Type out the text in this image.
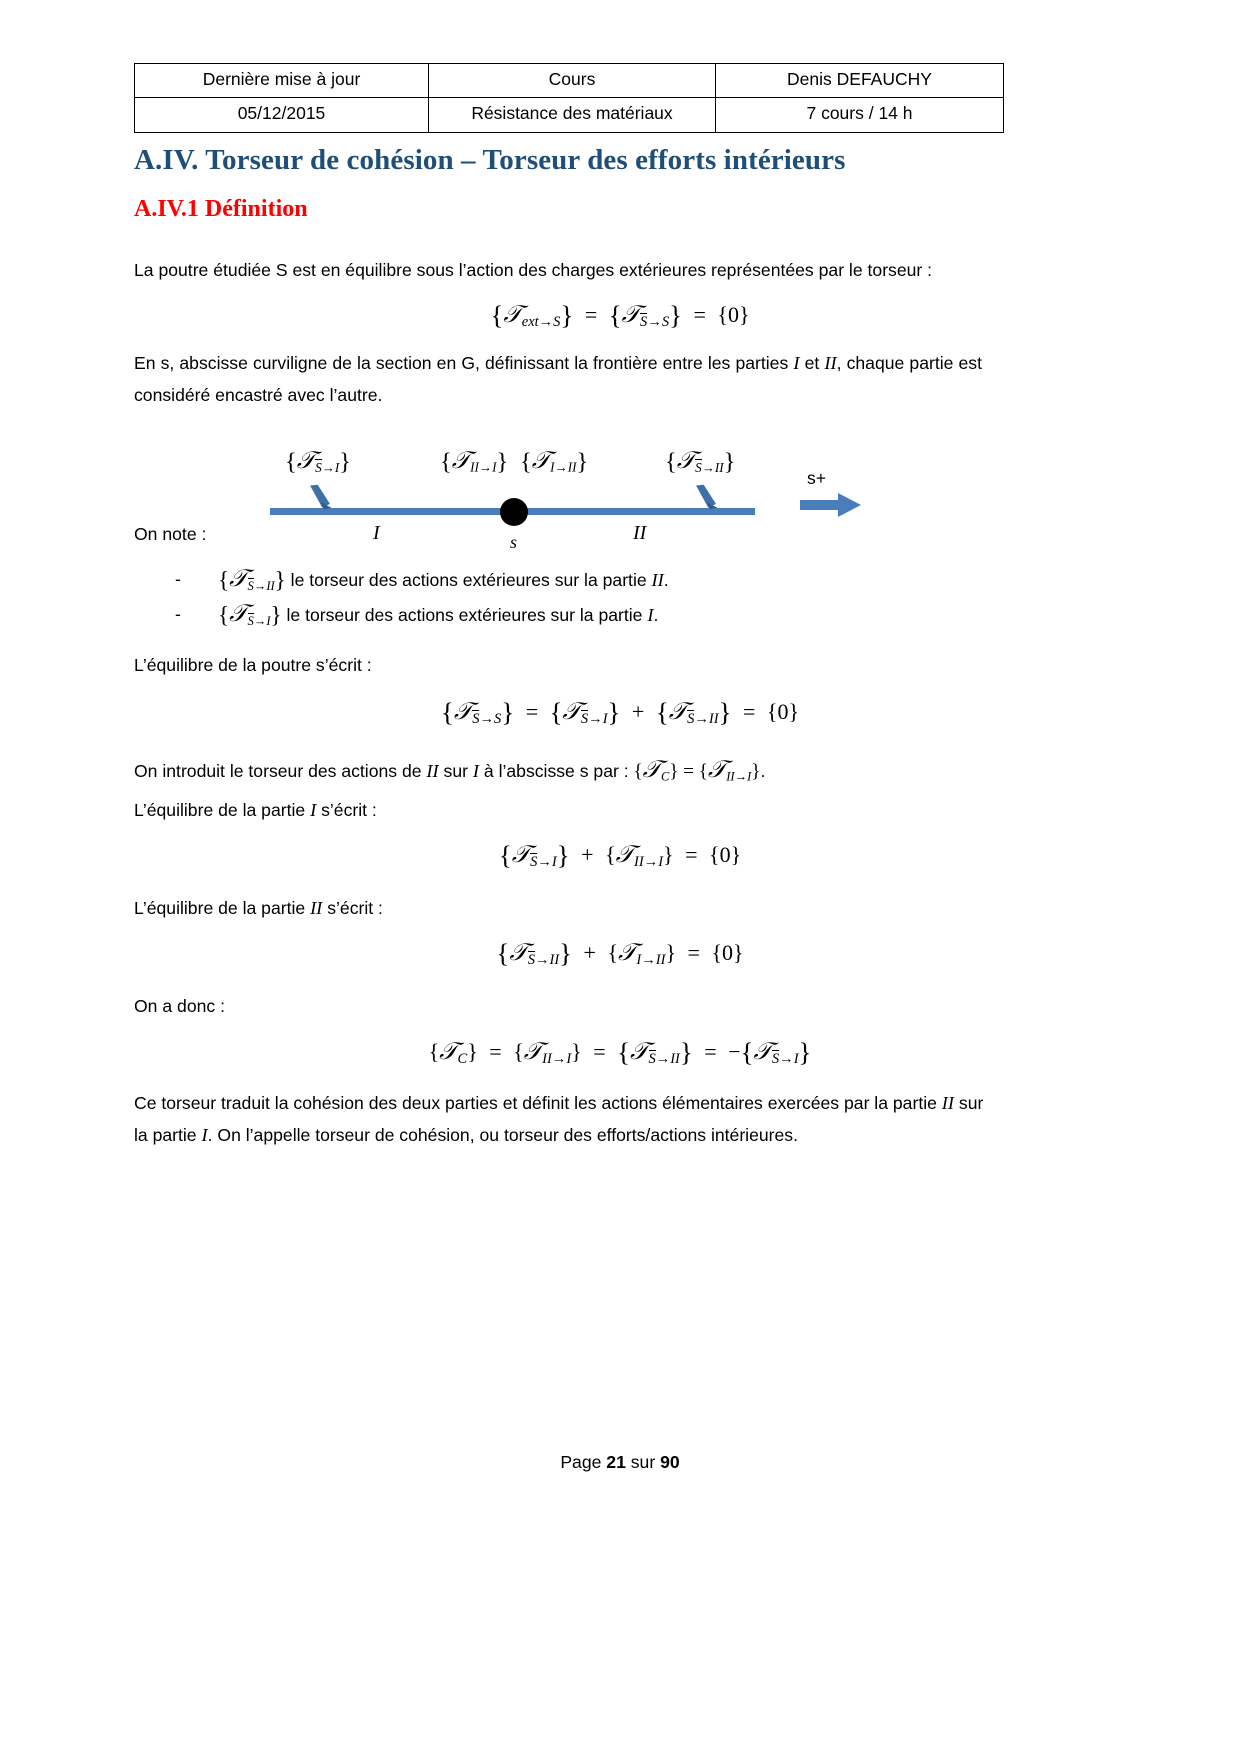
Dernière mise à jour	Cours	Denis DEFAUCHY
05/12/2015	Résistance des matériaux	7 cours / 14 h
A.IV. Torseur de cohésion – Torseur des efforts intérieurs
A.IV.1 Définition
La poutre étudiée S est en équilibre sous l’action des charges extérieures représentées par le torseur :
{𝒯$_{ext\to S}$} = {𝒯$_{S\to S}$} = {0}
En s, abscisse curviligne de la section en G, définissant la frontière entre les parties I et II, chaque partie est considéré encastré avec l’autre.
{𝒯$_{S\to I}$}	{𝒯$_{II\to I}$} {𝒯$_{I\to II}$}	{𝒯$_{S\to II}$}
I	s	II
s+
On note :
- {𝒯$_{S\to II}$} le torseur des actions extérieures sur la partie II.
- {𝒯$_{S\to I}$} le torseur des actions extérieures sur la partie I.
L’équilibre de la poutre s’écrit :
{𝒯$_{S\to S}$} = {𝒯$_{S\to I}$} + {𝒯$_{S\to II}$} = {0}
On introduit le torseur des actions de II sur I à l’abscisse s par : {𝒯$_C$} = {𝒯$_{II\to I}$}.
L’équilibre de la partie I s’écrit :
{𝒯$_{S\to I}$} + {𝒯$_{II\to I}$} = {0}
L’équilibre de la partie II s’écrit :
{𝒯$_{S\to II}$} + {𝒯$_{I\to II}$} = {0}
On a donc :
{𝒯$_C$} = {𝒯$_{II\to I}$} = {𝒯$_{S\to II}$} = −{𝒯$_{S\to I}$}
Ce torseur traduit la cohésion des deux parties et définit les actions élémentaires exercées par la partie II sur la partie I. On l’appelle torseur de cohésion, ou torseur des efforts/actions intérieures.
Page 21 sur 90
